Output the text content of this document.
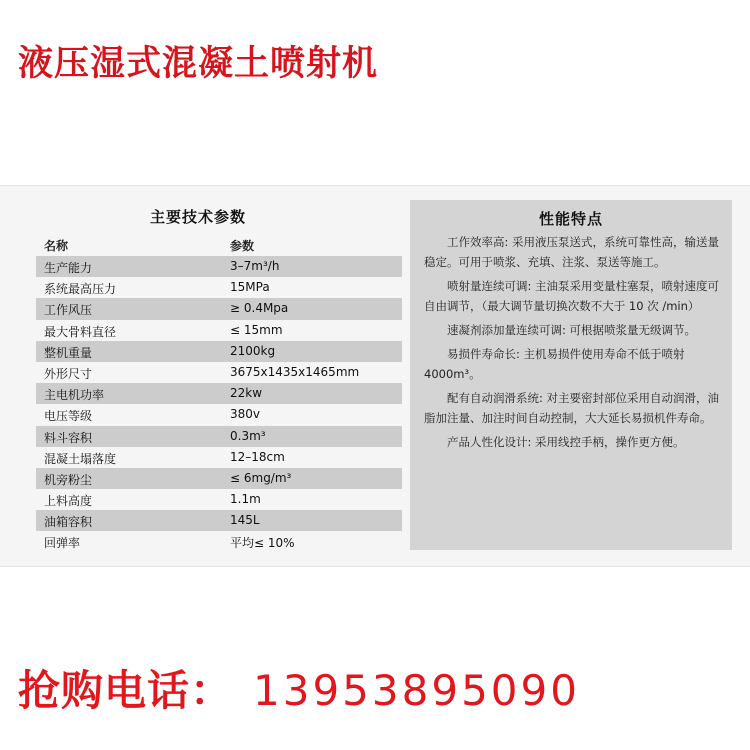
液压湿式混凝土喷射机
主要技术参数
名称	参数
生产能力	3–7m³/h
系统最高压力	15MPa
工作风压	≥ 0.4Mpa
最大骨料直径	≤ 15mm
整机重量	2100kg
外形尺寸	3675x1435x1465mm
主电机功率	22kw
电压等级	380v
料斗容积	0.3m³
混凝土塌落度	12–18cm
机旁粉尘	≤ 6mg/m³
上料高度	1.1m
油箱容积	145L
回弹率	平均≤ 10%
性能特点

工作效率高: 采用液压泵送式，系统可靠性高，输送量稳定。可用于喷浆、充填、注浆、泵送等施工。

喷射量连续可调: 主油泵采用变量柱塞泵，喷射速度可自由调节，（最大调节量切换次数不大于 10 次 /min）

速凝剂添加量连续可调: 可根据喷浆量无级调节。

易损件寿命长: 主机易损件使用寿命不低于喷射 4000m³。

配有自动润滑系统: 对主要密封部位采用自动润滑，油脂加注量、加注时间自动控制，大大延长易损机件寿命。

产品人性化设计: 采用线控手柄，操作更方便。

抢购电话： 13953895090
